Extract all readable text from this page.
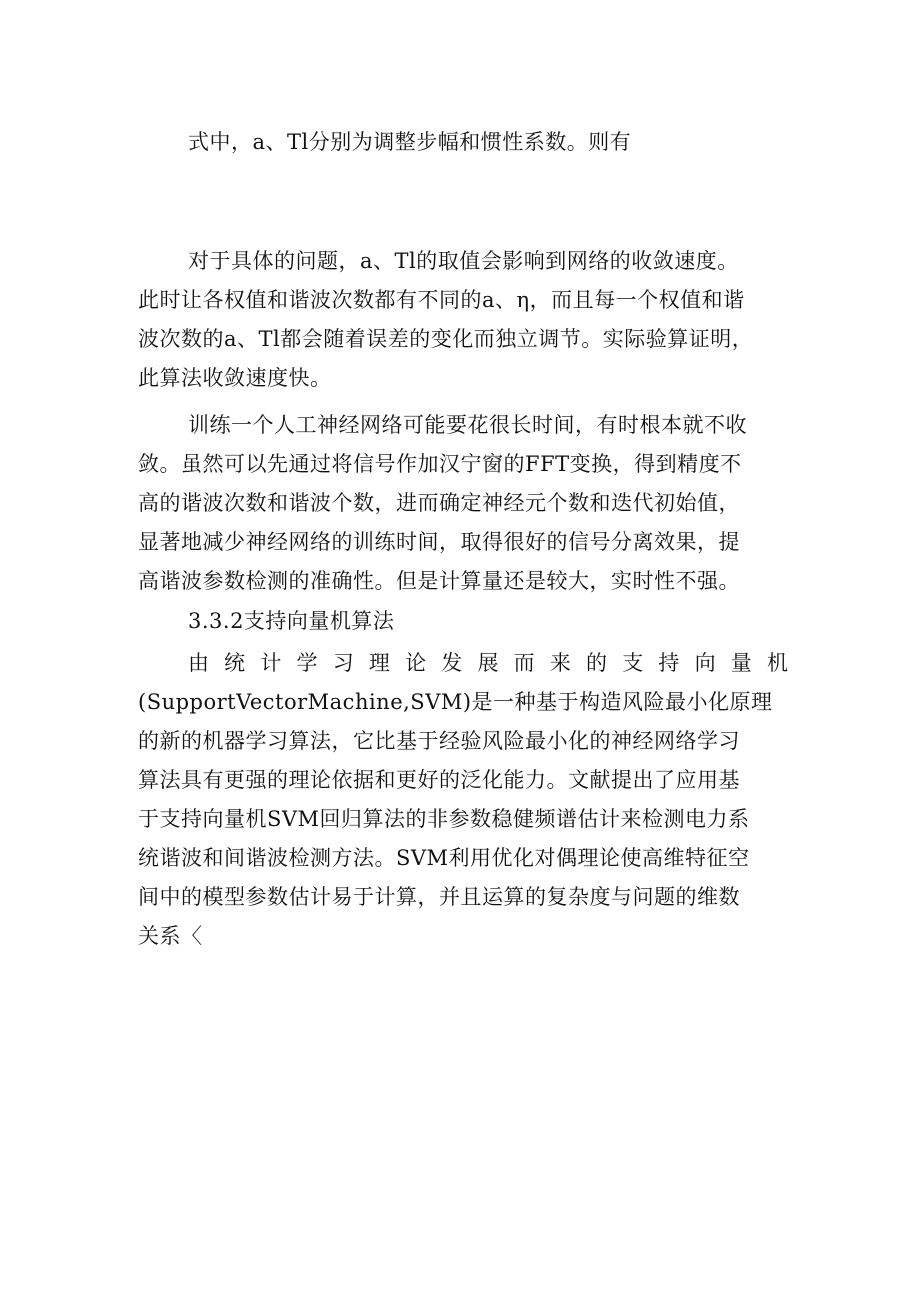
式中，a、Tl分别为调整步幅和惯性系数。则有
对于具体的问题，a、Tl的取值会影响到网络的收敛速度。
此时让各权值和谐波次数都有不同的a、η，而且每一个权值和谐
波次数的a、Tl都会随着误差的变化而独立调节。实际验算证明，
此算法收敛速度快。
训练一个人工神经网络可能要花很长时间，有时根本就不收
敛。虽然可以先通过将信号作加汉宁窗的FFT变换，得到精度不
高的谐波次数和谐波个数，进而确定神经元个数和迭代初始值，
显著地减少神经网络的训练时间，取得很好的信号分离效果，提
高谐波参数检测的准确性。但是计算量还是较大，实时性不强。
3.3.2支持向量机算法
由统计学习理论发展而来的支持向量机
(SupportVectorMachine,SVM)是一种基于构造风险最小化原理
的新的机器学习算法，它比基于经验风险最小化的神经网络学习
算法具有更强的理论依据和更好的泛化能力。文献提出了应用基
于支持向量机SVM回归算法的非参数稳健频谱估计来检测电力系
统谐波和间谐波检测方法。SVM利用优化对偶理论使高维特征空
间中的模型参数估计易于计算，并且运算的复杂度与问题的维数
关系〈
